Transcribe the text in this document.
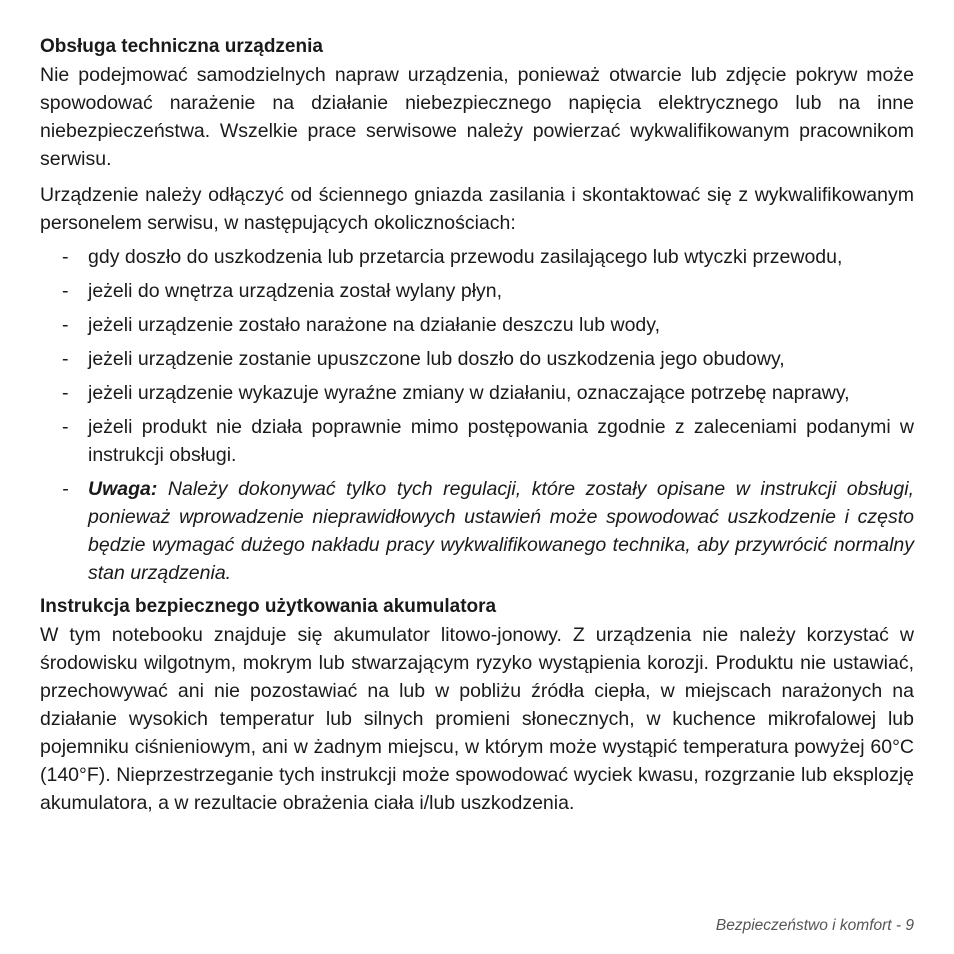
Obsługa techniczna urządzenia

Nie podejmować samodzielnych napraw urządzenia, ponieważ otwarcie lub zdjęcie pokryw może spowodować narażenie na działanie niebezpiecznego napięcia elektrycznego lub na inne niebezpieczeństwa. Wszelkie prace serwisowe należy powierzać wykwalifikowanym pracownikom serwisu.

Urządzenie należy odłączyć od ściennego gniazda zasilania i skontaktować się z wykwalifikowanym personelem serwisu, w następujących okolicznościach:

- gdy doszło do uszkodzenia lub przetarcia przewodu zasilającego lub wtyczki przewodu,
- jeżeli do wnętrza urządzenia został wylany płyn,
- jeżeli urządzenie zostało narażone na działanie deszczu lub wody,
- jeżeli urządzenie zostanie upuszczone lub doszło do uszkodzenia jego obudowy,
- jeżeli urządzenie wykazuje wyraźne zmiany w działaniu, oznaczające potrzebę naprawy,
- jeżeli produkt nie działa poprawnie mimo postępowania zgodnie z zaleceniami podanymi w instrukcji obsługi.
- Uwaga: Należy dokonywać tylko tych regulacji, które zostały opisane w instrukcji obsługi, ponieważ wprowadzenie nieprawidłowych ustawień może spowodować uszkodzenie i często będzie wymagać dużego nakładu pracy wykwalifikowanego technika, aby przywrócić normalny stan urządzenia.
Instrukcja bezpiecznego użytkowania akumulatora

W tym notebooku znajduje się akumulator litowo-jonowy. Z urządzenia nie należy korzystać w środowisku wilgotnym, mokrym lub stwarzającym ryzyko wystąpienia korozji. Produktu nie ustawiać, przechowywać ani nie pozostawiać na lub w pobliżu źródła ciepła, w miejscach narażonych na działanie wysokich temperatur lub silnych promieni słonecznych, w kuchence mikrofalowej lub pojemniku ciśnieniowym, ani w żadnym miejscu, w którym może wystąpić temperatura powyżej 60°C (140°F). Nieprzestrzeganie tych instrukcji może spowodować wyciek kwasu, rozgrzanie lub eksplozję akumulatora, a w rezultacie obrażenia ciała i/lub uszkodzenia.

Bezpieczeństwo i komfort - 9
